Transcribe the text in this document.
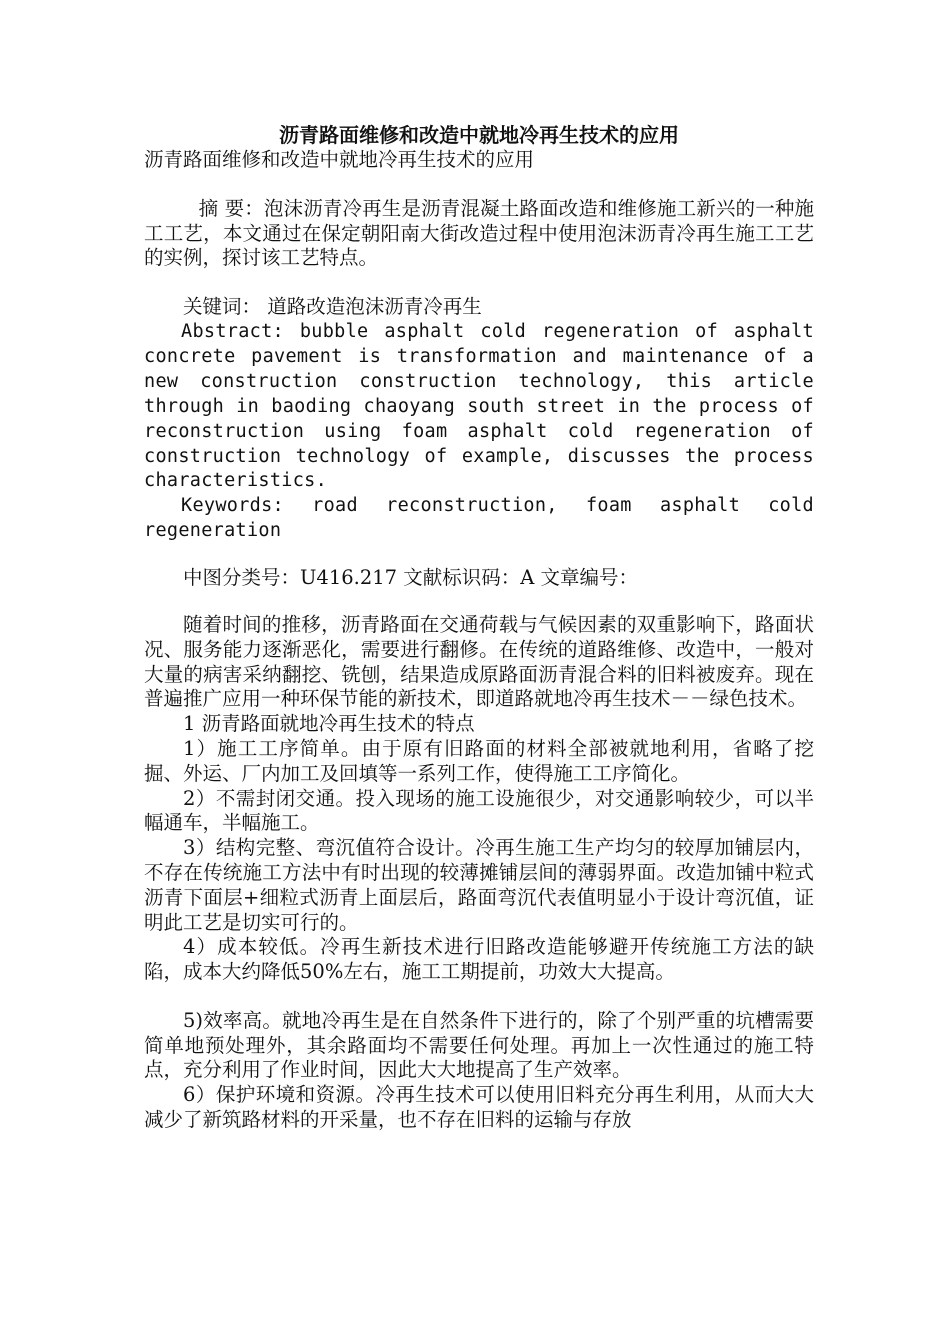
沥青路面维修和改造中就地冷再生技术的应用

沥青路面维修和改造中就地冷再生技术的应用

摘 要：泡沫沥青冷再生是沥青混凝土路面改造和维修施工新兴的一种施工工艺，本文通过在保定朝阳南大街改造过程中使用泡沫沥青冷再生施工工艺的实例，探讨该工艺特点。

关键词： 道路改造泡沫沥青冷再生

Abstract: bubble asphalt cold regeneration of asphalt concrete pavement is transformation and maintenance of a new construction construction technology, this article through in baoding chaoyang south street in the process of reconstruction using foam asphalt cold regeneration of construction technology of example, discusses the process characteristics.

Keywords: road reconstruction, foam asphalt cold regeneration

中图分类号：U416.217 文献标识码：A 文章编号：

随着时间的推移，沥青路面在交通荷载与气候因素的双重影响下，路面状况、服务能力逐渐恶化，需要进行翻修。在传统的道路维修、改造中，一般对大量的病害采纳翻挖、铣刨，结果造成原路面沥青混合料的旧料被废弃。现在普遍推广应用一种环保节能的新技术，即道路就地冷再生技术－－绿色技术。

1 沥青路面就地冷再生技术的特点

1）施工工序简单。由于原有旧路面的材料全部被就地利用，省略了挖掘、外运、厂内加工及回填等一系列工作，使得施工工序简化。

2）不需封闭交通。投入现场的施工设施很少，对交通影响较少，可以半幅通车，半幅施工。

3）结构完整、弯沉值符合设计。冷再生施工生产均匀的较厚加铺层内，不存在传统施工方法中有时出现的较薄摊铺层间的薄弱界面。改造加铺中粒式沥青下面层+细粒式沥青上面层后，路面弯沉代表值明显小于设计弯沉值，证明此工艺是切实可行的。

4）成本较低。冷再生新技术进行旧路改造能够避开传统施工方法的缺陷，成本大约降低50%左右，施工工期提前，功效大大提高。

5)效率高。就地冷再生是在自然条件下进行的，除了个别严重的坑槽需要简单地预处理外，其余路面均不需要任何处理。再加上一次性通过的施工特点，充分利用了作业时间，因此大大地提高了生产效率。

6）保护环境和资源。冷再生技术可以使用旧料充分再生利用，从而大大减少了新筑路材料的开采量，也不存在旧料的运输与存放
